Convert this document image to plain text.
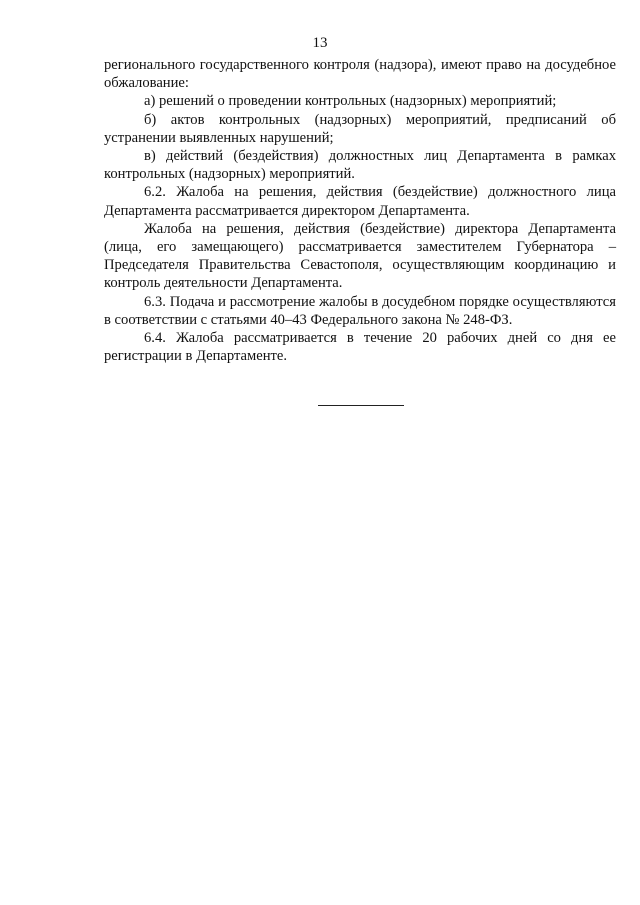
13

регионального государственного контроля (надзора), имеют право на досудебное обжалование:

а) решений о проведении контрольных (надзорных) мероприятий;

б) актов контрольных (надзорных) мероприятий, предписаний об устранении выявленных нарушений;

в) действий (бездействия) должностных лиц Департамента в рамках контрольных (надзорных) мероприятий.

6.2. Жалоба на решения, действия (бездействие) должностного лица Департамента рассматривается директором Департамента.

Жалоба на решения, действия (бездействие) директора Департамента (лица, его замещающего) рассматривается заместителем Губернатора – Председателя Правительства Севастополя, осуществляющим координацию и контроль деятельности Департамента.

6.3. Подача и рассмотрение жалобы в досудебном порядке осуществляются в соответствии с статьями 40–43 Федерального закона № 248-ФЗ.

6.4. Жалоба рассматривается в течение 20 рабочих дней со дня ее регистрации в Департаменте.
